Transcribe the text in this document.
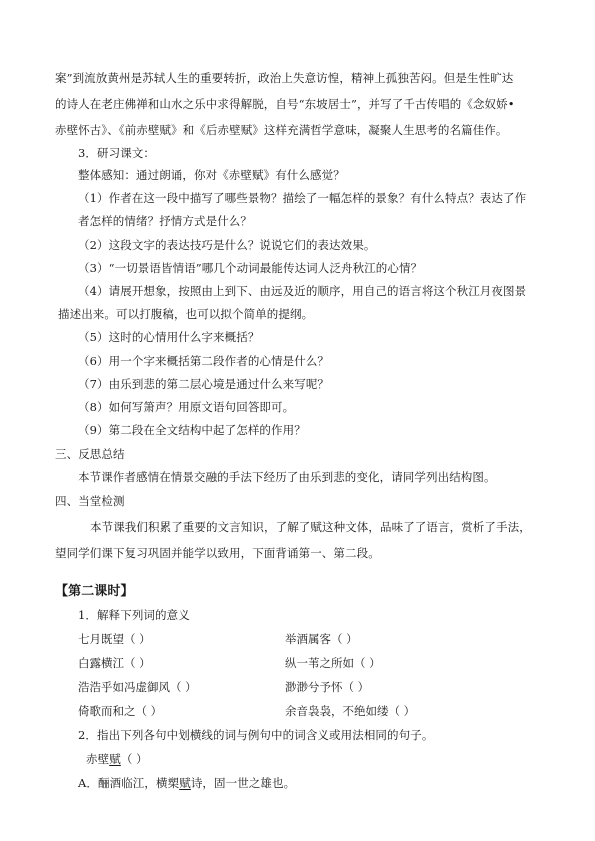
案”到流放黄州是苏轼人生的重要转折，政治上失意访惶，精神上孤独苦闷。但是生性旷达
的诗人在老庄佛禅和山水之乐中求得解脱，自号“东坡居士”，并写了千古传唱的《念奴娇•
赤壁怀古》、《前赤壁赋》和《后赤壁赋》这样充满哲学意味，凝聚人生思考的名篇佳作。
3．研习课文：
整体感知：通过朗诵，你对《赤壁赋》有什么感觉？
（1）作者在这一段中描写了哪些景物？描绘了一幅怎样的景象？有什么特点？表达了作
者怎样的情绪？抒情方式是什么？
（2）这段文字的表达技巧是什么？说说它们的表达效果。
（3）“一切景语皆情语”哪几个动词最能传达词人泛舟秋江的心情？
（4）请展开想象，按照由上到下、由远及近的顺序，用自己的语言将这个秋江月夜图景
描述出来。可以打腹稿，也可以拟个简单的提纲。
（5）这时的心情用什么字来概括？
（6）用一个字来概括第二段作者的心情是什么？
（7）由乐到悲的第二层心境是通过什么来写呢？
（8）如何写箫声？用原文语句回答即可。
（9）第二段在全文结构中起了怎样的作用？
三、反思总结
本节课作者感情在情景交融的手法下经历了由乐到悲的变化，请同学列出结构图。
四、当堂检测
本节课我们积累了重要的文言知识，了解了赋这种文体，品味了了语言，赏析了手法，
望同学们课下复习巩固并能学以致用，下面背诵第一、第二段。
【第二课时】
1．解释下列词的意义
七月既望（ ）
白露横江（ ）
浩浩乎如冯虚御风（ ）
倚歌而和之（ ）
举酒属客（ ）
纵一苇之所如（ ）
渺渺兮予怀（ ）
余音袅袅，不绝如缕（ ）
2．指出下列各句中划横线的词与例句中的词含义或用法相同的句子。
赤壁赋（ ）
A．酾酒临江，横槊赋诗，固一世之雄也。
